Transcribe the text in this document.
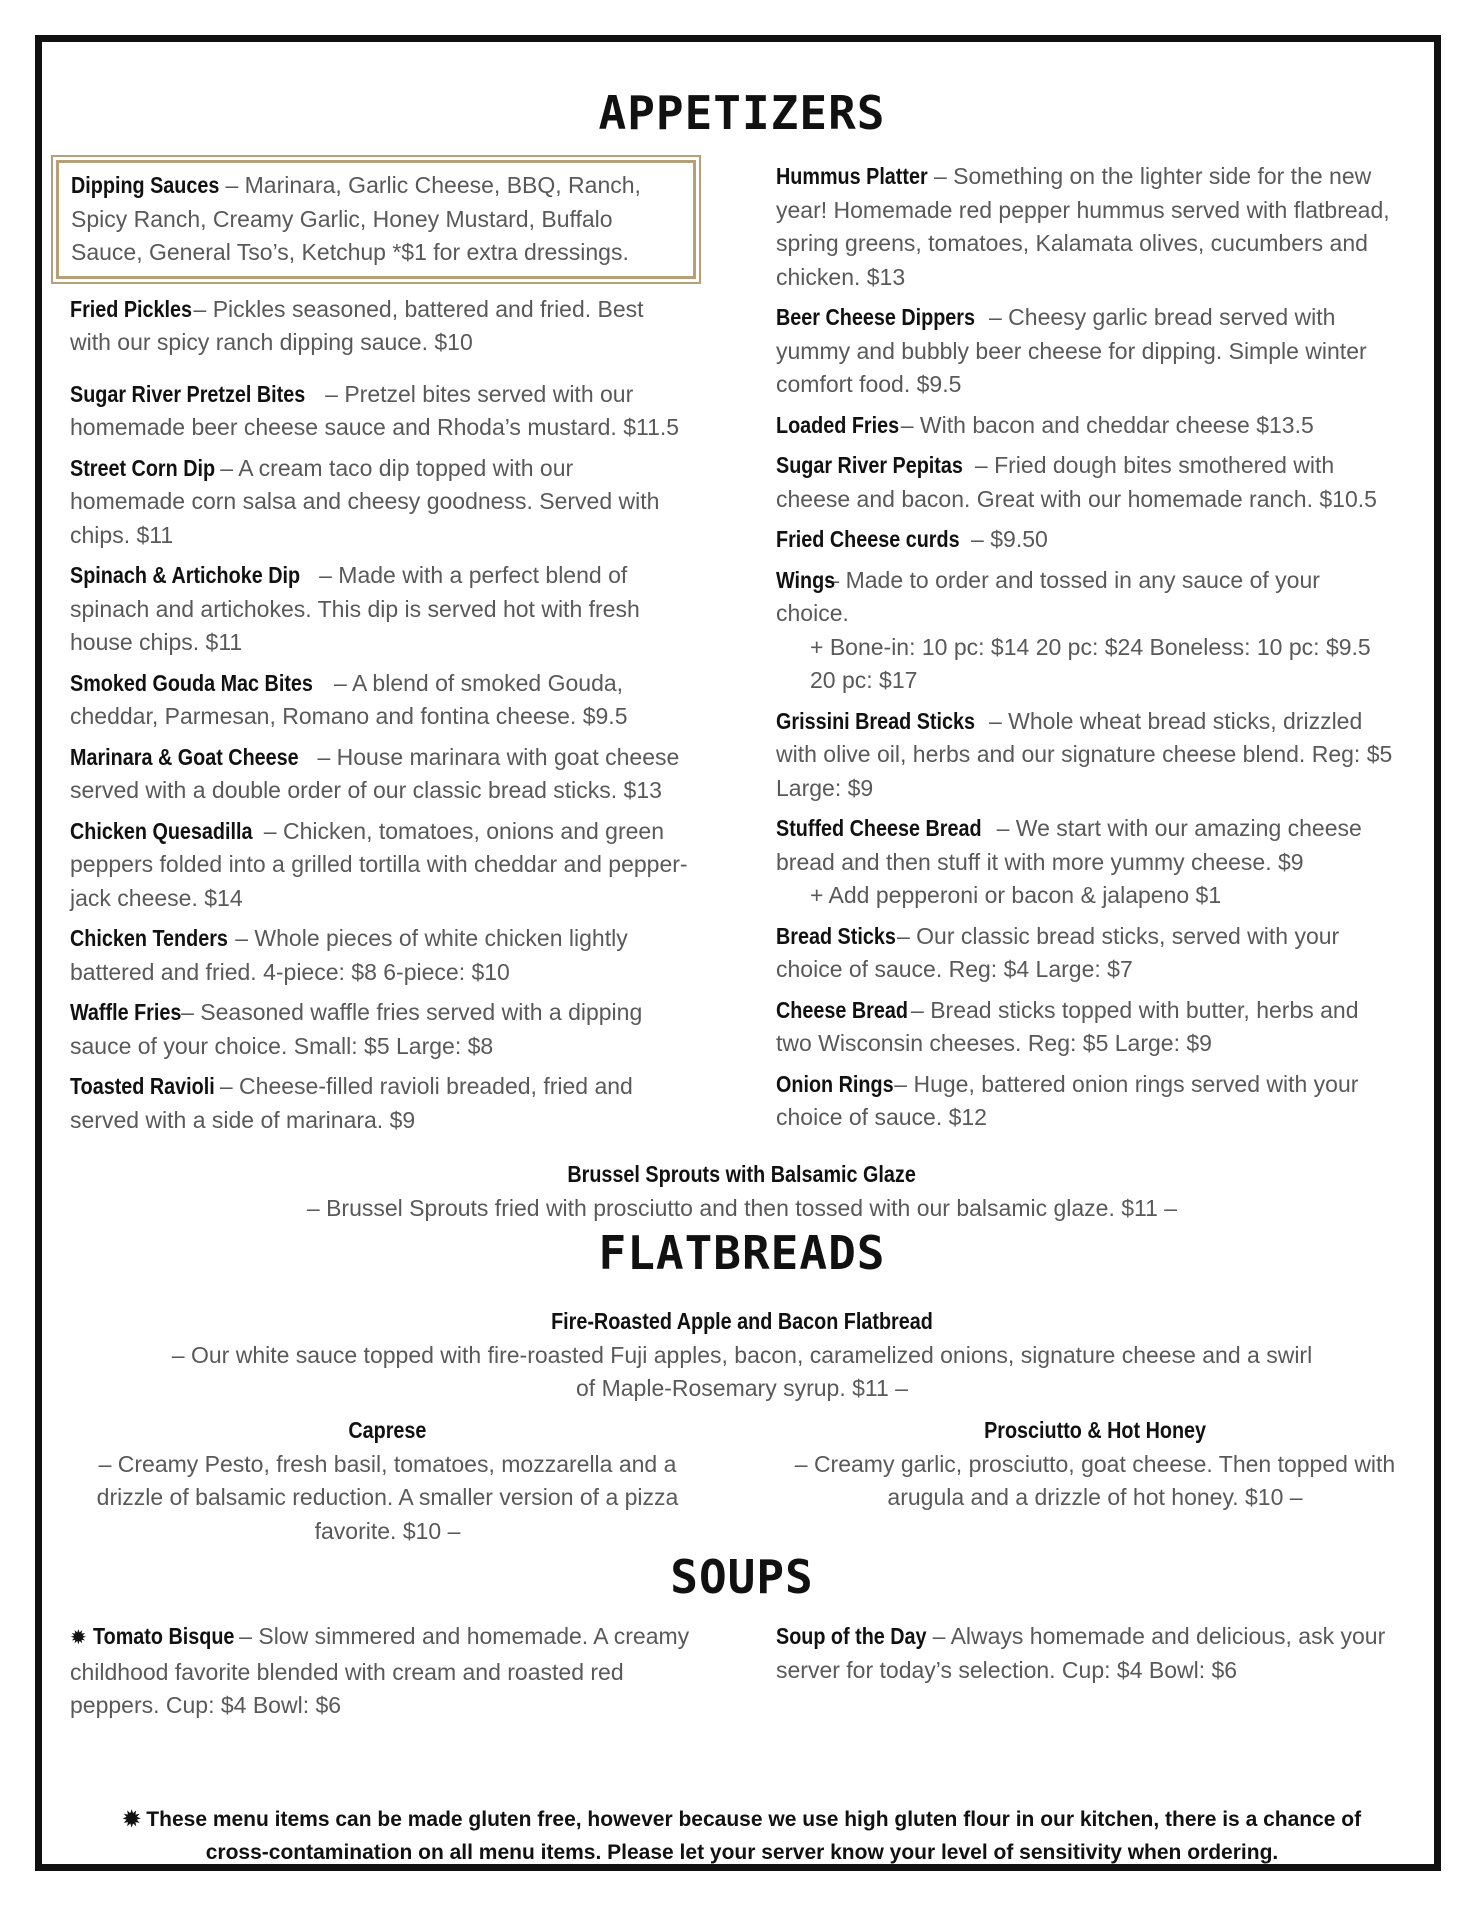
APPETIZERS
Dipping Sauces – Marinara, Garlic Cheese, BBQ, Ranch, Spicy Ranch, Creamy Garlic, Honey Mustard, Buffalo Sauce, General Tso’s, Ketchup *$1 for extra dressings.
Fried Pickles – Pickles seasoned, battered and fried. Best with our spicy ranch dipping sauce. $10
Sugar River Pretzel Bites – Pretzel bites served with our homemade beer cheese sauce and Rhoda’s mustard. $11.5
Street Corn Dip – A cream taco dip topped with our homemade corn salsa and cheesy goodness. Served with chips. $11
Spinach & Artichoke Dip – Made with a perfect blend of spinach and artichokes. This dip is served hot with fresh house chips. $11
Smoked Gouda Mac Bites – A blend of smoked Gouda, cheddar, Parmesan, Romano and fontina cheese. $9.5
Marinara & Goat Cheese – House marinara with goat cheese served with a double order of our classic bread sticks. $13
Chicken Quesadilla – Chicken, tomatoes, onions and green peppers folded into a grilled tortilla with cheddar and pepper-jack cheese. $14
Chicken Tenders – Whole pieces of white chicken lightly battered and fried. 4-piece: $8 6-piece: $10
Waffle Fries – Seasoned waffle fries served with a dipping sauce of your choice. Small: $5 Large: $8
Toasted Ravioli – Cheese-filled ravioli breaded, fried and served with a side of marinara. $9
Hummus Platter – Something on the lighter side for the new year! Homemade red pepper hummus served with flatbread, spring greens, tomatoes, Kalamata olives, cucumbers and chicken. $13
Beer Cheese Dippers – Cheesy garlic bread served with yummy and bubbly beer cheese for dipping. Simple winter comfort food. $9.5
Loaded Fries – With bacon and cheddar cheese $13.5
Sugar River Pepitas – Fried dough bites smothered with cheese and bacon. Great with our homemade ranch. $10.5
Fried Cheese curds – $9.50
Wings – Made to order and tossed in any sauce of your choice.
+ Bone-in: 10 pc: $14 20 pc: $24 Boneless: 10 pc: $9.5 20 pc: $17
Grissini Bread Sticks – Whole wheat bread sticks, drizzled with olive oil, herbs and our signature cheese blend. Reg: $5 Large: $9
Stuffed Cheese Bread – We start with our amazing cheese bread and then stuff it with more yummy cheese. $9
+ Add pepperoni or bacon & jalapeno $1
Bread Sticks – Our classic bread sticks, served with your choice of sauce. Reg: $4 Large: $7
Cheese Bread – Bread sticks topped with butter, herbs and two Wisconsin cheeses. Reg: $5 Large: $9
Onion Rings – Huge, battered onion rings served with your choice of sauce. $12
Brussel Sprouts with Balsamic Glaze
– Brussel Sprouts fried with prosciutto and then tossed with our balsamic glaze. $11 –
FLATBREADS
Fire-Roasted Apple and Bacon Flatbread
– Our white sauce topped with fire-roasted Fuji apples, bacon, caramelized onions, signature cheese and a swirl of Maple-Rosemary syrup. $11 –
Caprese
– Creamy Pesto, fresh basil, tomatoes, mozzarella and a drizzle of balsamic reduction. A smaller version of a pizza favorite. $10 –
Prosciutto & Hot Honey
– Creamy garlic, prosciutto, goat cheese. Then topped with arugula and a drizzle of hot honey. $10 –
SOUPS
✹ Tomato Bisque – Slow simmered and homemade. A creamy childhood favorite blended with cream and roasted red peppers. Cup: $4 Bowl: $6
Soup of the Day – Always homemade and delicious, ask your server for today’s selection. Cup: $4 Bowl: $6
✹ These menu items can be made gluten free, however because we use high gluten flour in our kitchen, there is a chance of cross-contamination on all menu items. Please let your server know your level of sensitivity when ordering.
